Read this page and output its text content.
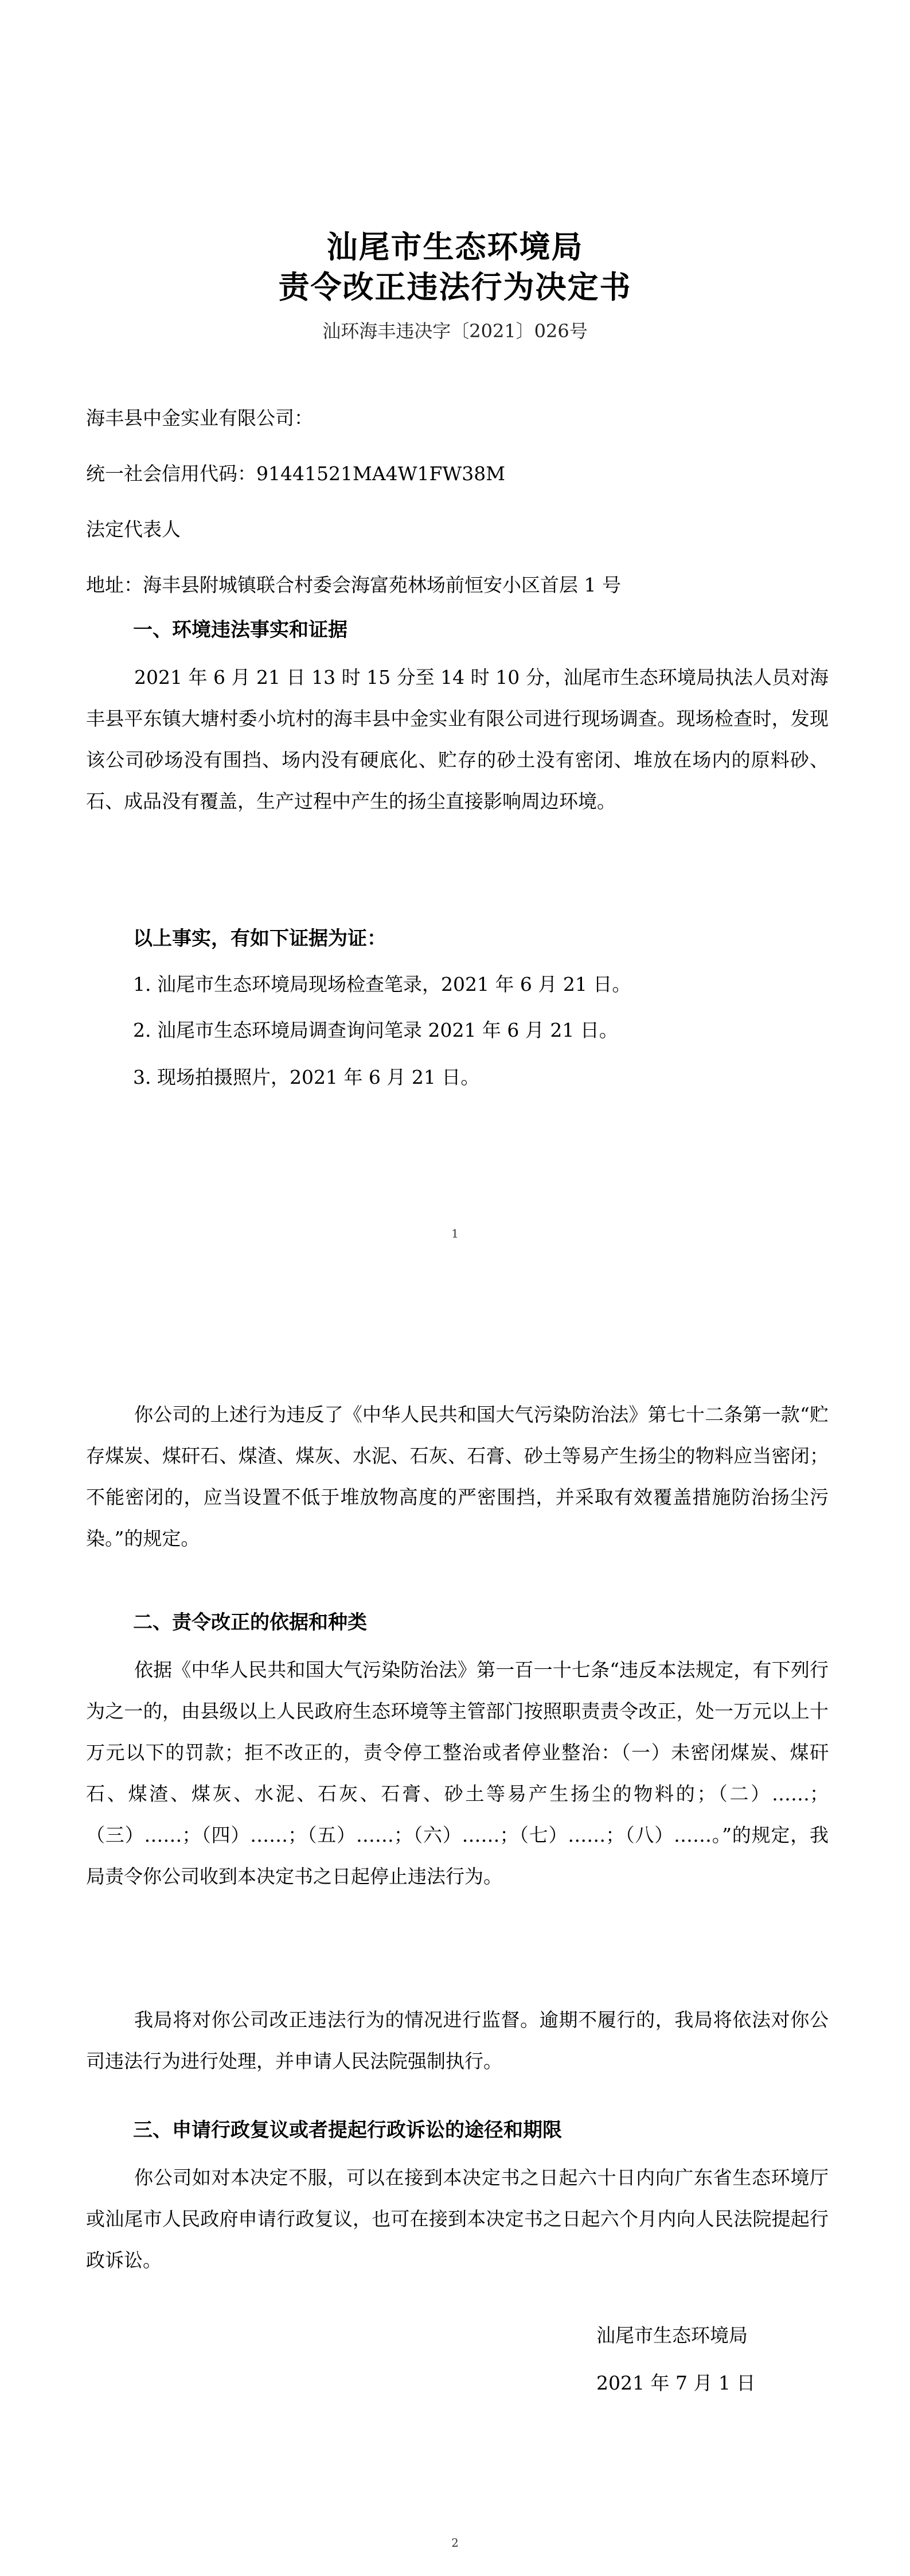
汕尾市生态环境局
责令改正违法行为决定书
汕环海丰违决字〔2021〕026号
海丰县中金实业有限公司：
统一社会信用代码：91441521MA4W1FW38M
法定代表人
地址：海丰县附城镇联合村委会海富苑林场前恒安小区首层 1 号
一、环境违法事实和证据
2021 年 6 月 21 日 13 时 15 分至 14 时 10 分，汕尾市生态环境局执法人员对海丰县平东镇大塘村委小坑村的海丰县中金实业有限公司进行现场调查。现场检查时，发现该公司砂场没有围挡、场内没有硬底化、贮存的砂土没有密闭、堆放在场内的原料砂、石、成品没有覆盖，生产过程中产生的扬尘直接影响周边环境。
以上事实，有如下证据为证：
1. 汕尾市生态环境局现场检查笔录，2021 年 6 月 21 日。
2. 汕尾市生态环境局调查询问笔录 2021 年 6 月 21 日。
3. 现场拍摄照片，2021 年 6 月 21 日。
1
你公司的上述行为违反了《中华人民共和国大气污染防治法》第七十二条第一款“贮存煤炭、煤矸石、煤渣、煤灰、水泥、石灰、石膏、砂土等易产生扬尘的物料应当密闭；不能密闭的，应当设置不低于堆放物高度的严密围挡，并采取有效覆盖措施防治扬尘污染。”的规定。
二、责令改正的依据和种类
依据《中华人民共和国大气污染防治法》第一百一十七条“违反本法规定，有下列行为之一的，由县级以上人民政府生态环境等主管部门按照职责责令改正，处一万元以上十万元以下的罚款；拒不改正的，责令停工整治或者停业整治：（一）未密闭煤炭、煤矸石、煤渣、煤灰、水泥、石灰、石膏、砂土等易产生扬尘的物料的；（二）……；（三）……；（四）……；（五）……；（六）……；（七）……；（八）……。”的规定，我局责令你公司收到本决定书之日起停止违法行为。
我局将对你公司改正违法行为的情况进行监督。逾期不履行的，我局将依法对你公司违法行为进行处理，并申请人民法院强制执行。
三、申请行政复议或者提起行政诉讼的途径和期限
你公司如对本决定不服，可以在接到本决定书之日起六十日内向广东省生态环境厅或汕尾市人民政府申请行政复议，也可在接到本决定书之日起六个月内向人民法院提起行政诉讼。
汕尾市生态环境局
2021 年 7 月 1 日
2
